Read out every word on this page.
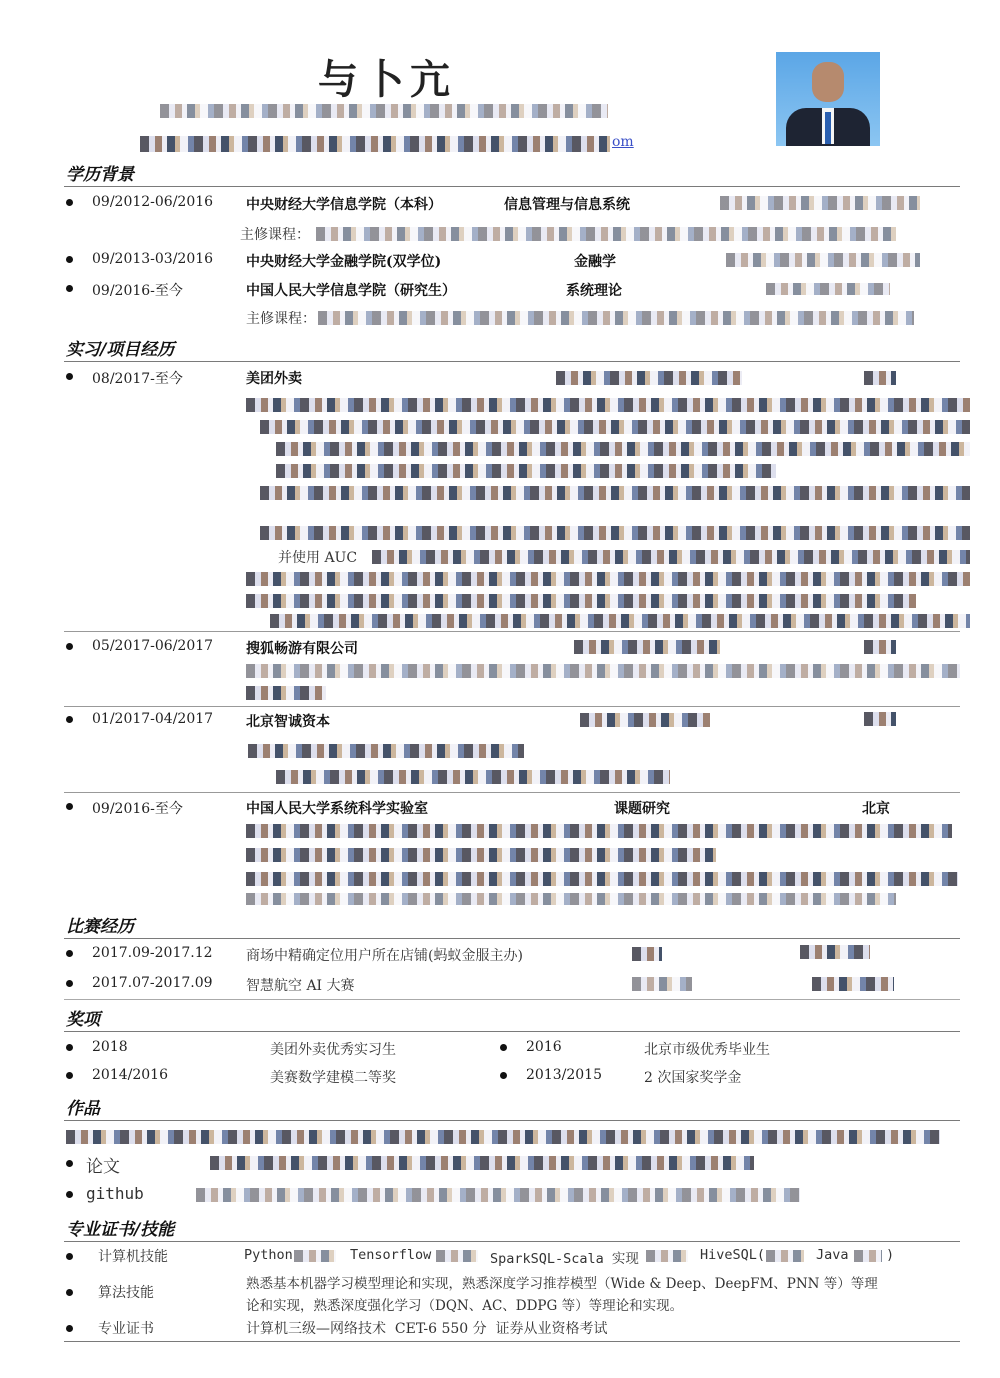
与卜亢
om
学历背景
09/2012-06/2016 中央财经大学信息学院（本科）	信息管理与信息系统
主修课程：
09/2013-03/2016 中央财经大学金融学院(双学位)	金融学
09/2016-至今	中国人民大学信息学院（研究生）	系统理论
主修课程：
实习/项目经历
08/2017-至今	美团外卖
并使用 AUC
05/2017-06/2017 搜狐畅游有限公司
01/2017-04/2017 北京智诚资本
09/2016-至今	中国人民大学系统科学实验室	课题研究	北京
比赛经历
2017.09-2017.12 商场中精确定位用户所在店铺(蚂蚁金服主办)
2017.07-2017.09 智慧航空 AI 大赛
奖项
2018	美团外卖优秀实习生	2016	北京市级优秀毕业生
2014/2016	美赛数学建模二等奖	2013/2015	2 次国家奖学金
作品
论文
github
专业证书/技能
计算机技能	Python	Tensorflow	SparkSQL-Scala 实现	HiveSQL(	Java	)
算法技能
熟悉基本机器学习模型理论和实现，熟悉深度学习推荐模型（Wide & Deep、DeepFM、PNN 等）等理
论和实现，熟悉深度强化学习（DQN、AC、DDPG 等）等理论和实现。
专业证书	计算机三级—网络技术  CET-6 550 分  证券从业资格考试
